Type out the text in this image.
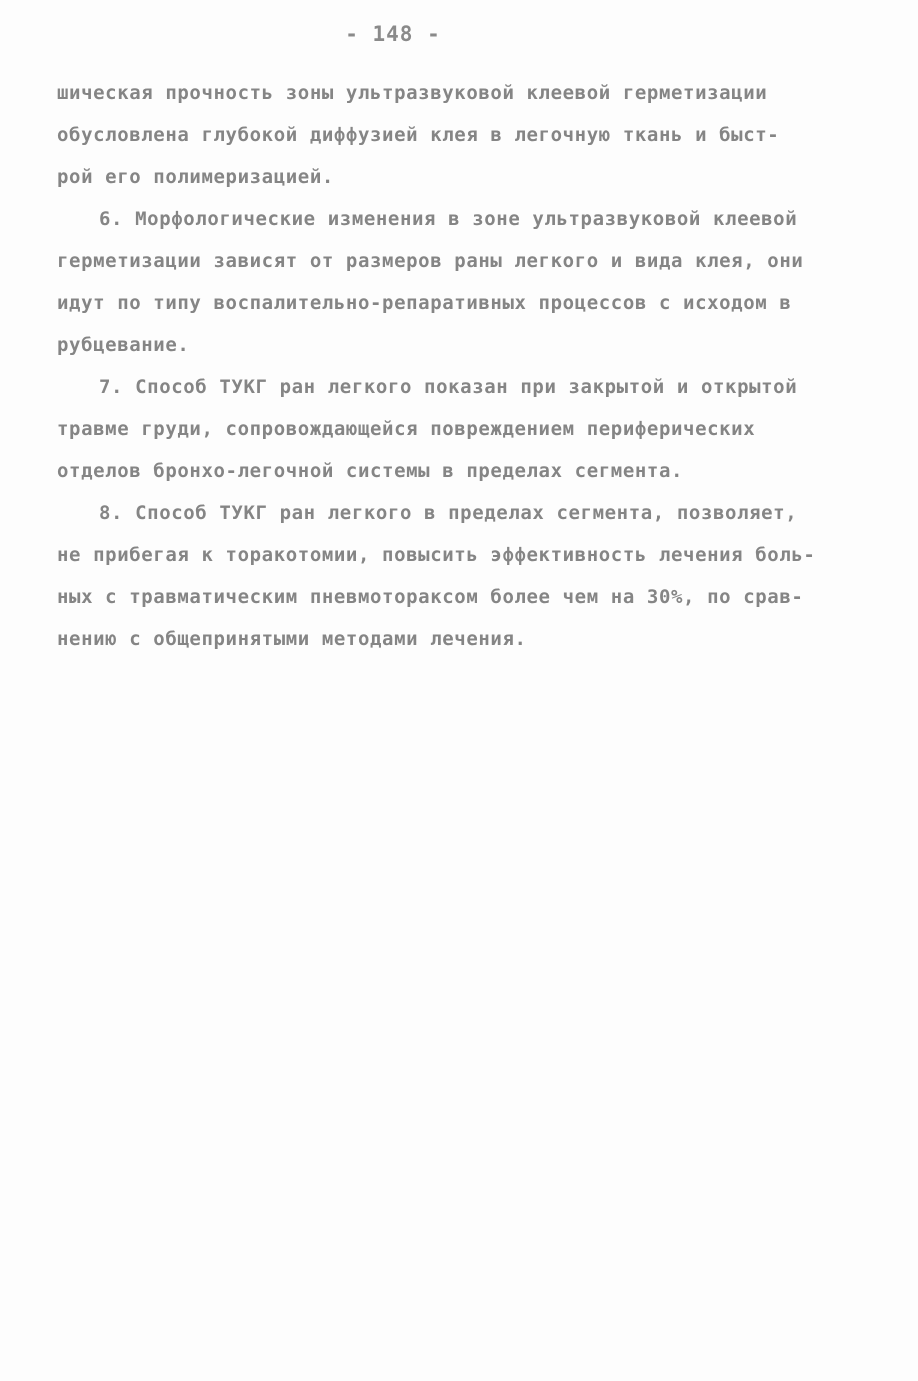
- 148 -
шическая прочность зоны ультразвуковой клеевой герметизации
обусловлена глубокой диффузией клея в легочную ткань и быст-
рой его полимеризацией.
6. Морфологические изменения в зоне ультразвуковой клеевой
герметизации зависят от размеров раны легкого и вида клея, они
идут по типу воспалительно-репаративных процессов с исходом в
рубцевание.
7. Способ ТУКГ ран легкого показан при закрытой и открытой
травме груди, сопровождающейся повреждением периферических
отделов бронхо-легочной системы в пределах сегмента.
8. Способ ТУКГ ран легкого в пределах сегмента, позволяет,
не прибегая к торакотомии, повысить эффективность лечения боль-
ных с травматическим пневмотораксом более чем на 30%, по срав-
нению с общепринятыми методами лечения.
